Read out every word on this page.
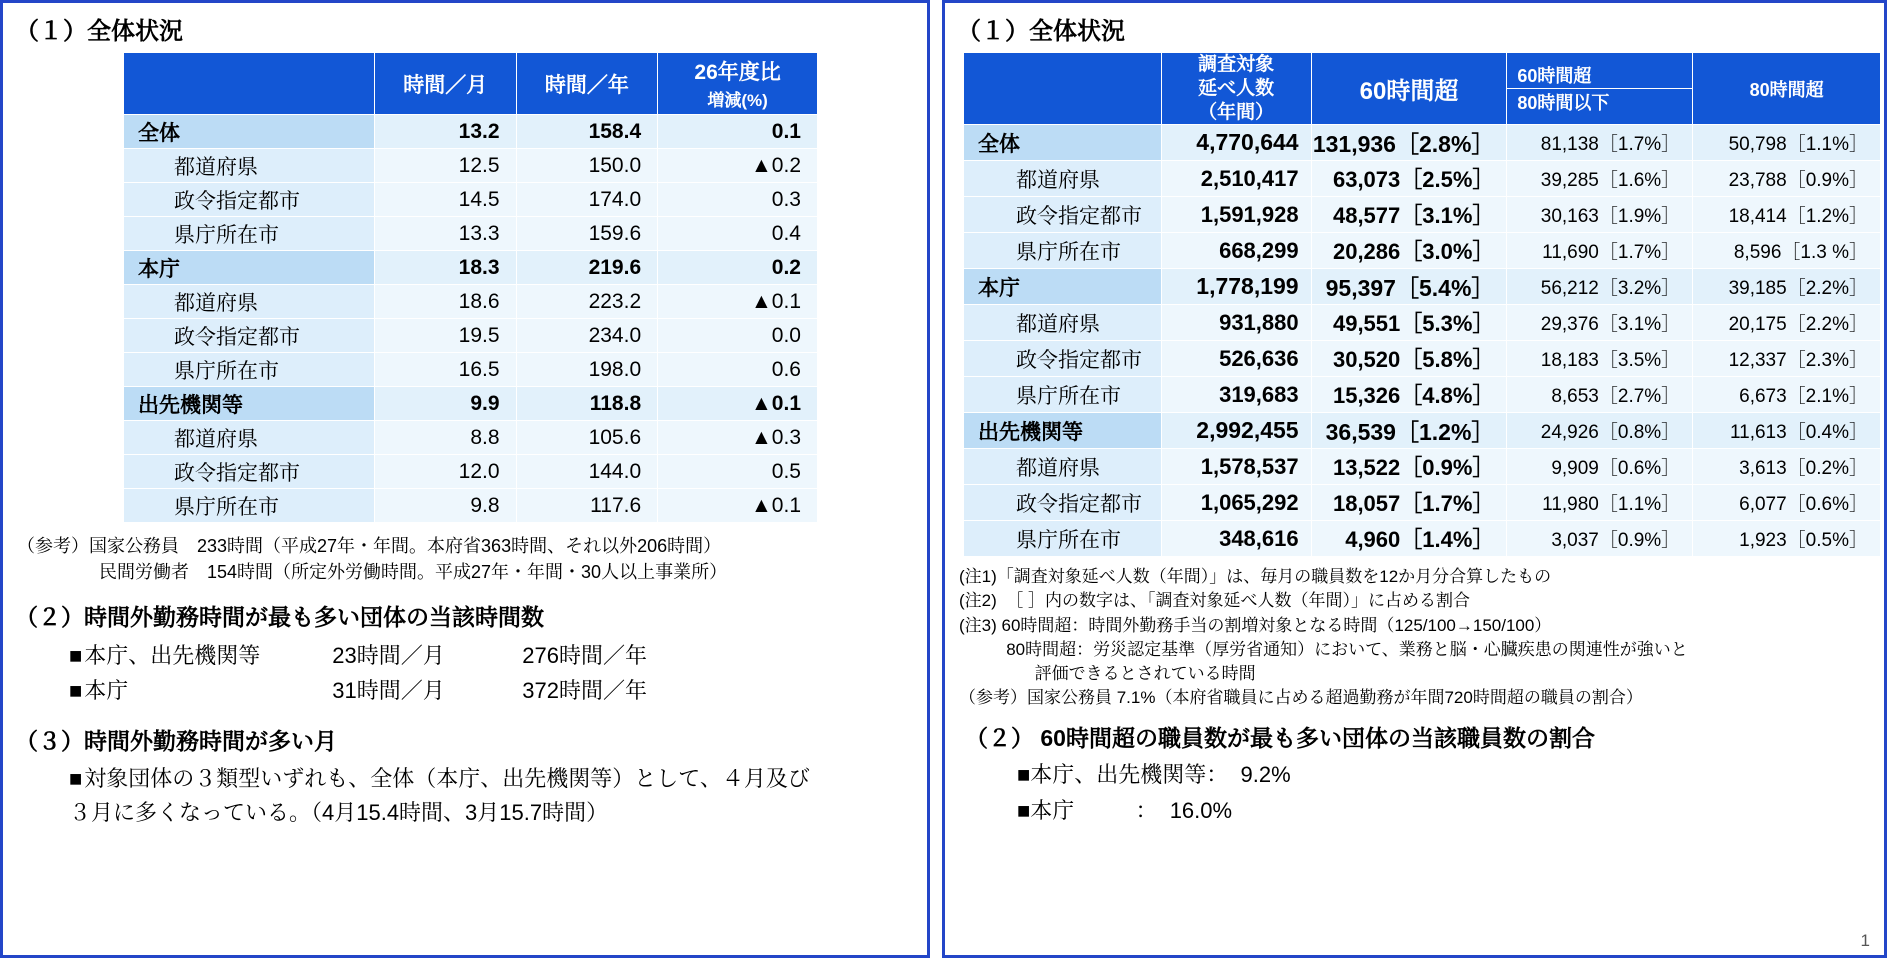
（１）全体状況
	時間／月	時間／年	26年度比
増減(%)

全体	13.2	158.4	0.1
都道府県	12.5	150.0	▲0.2
政令指定都市	14.5	174.0	0.3
県庁所在市	13.3	159.6	0.4
本庁	18.3	219.6	0.2
都道府県	18.6	223.2	▲0.1
政令指定都市	19.5	234.0	0.0
県庁所在市	16.5	198.0	0.6
出先機関等	9.9	118.8	▲0.1
都道府県	8.8	105.6	▲0.3
政令指定都市	12.0	144.0	0.5
県庁所在市	9.8	117.6	▲0.1
（参考）国家公務員　233時間（平成27年・年間。本府省363時間、それ以外206時間）
民間労働者　154時間（所定外労働時間。平成27年・年間・30人以上事業所）
（２）時間外勤務時間が最も多い団体の当該時間数
■ 本庁、出先機関等	23時間／月	276時間／年
■ 本庁	31時間／月	372時間／年
（３）時間外勤務時間が多い月
■対象団体の３類型いずれも、全体（本庁、出先機関等）として、４月及び
３月に多くなっている。（4月15.4時間、3月15.7時間）
（１）全体状況

	調査対象
延べ人数
（年間）	60時間超	60時間超	80時間超
			80時間以下	
全体	4,770,644	131,936［2.8%］	81,138［1.7%］	50,798［1.1%］
都道府県	2,510,417	63,073［2.5%］	39,285［1.6%］	23,788［0.9%］
政令指定都市	1,591,928	48,577［3.1%］	30,163［1.9%］	18,414［1.2%］
県庁所在市	668,299	20,286［3.0%］	11,690［1.7%］	8,596［1.3 %］
本庁	1,778,199	95,397［5.4%］	56,212［3.2%］	39,185［2.2%］
都道府県	931,880	49,551［5.3%］	29,376［3.1%］	20,175［2.2%］
政令指定都市	526,636	30,520［5.8%］	18,183［3.5%］	12,337［2.3%］
県庁所在市	319,683	15,326［4.8%］	8,653［2.7%］	6,673［2.1%］
出先機関等	2,992,455	36,539［1.2%］	24,926［0.8%］	11,613［0.4%］
都道府県	1,578,537	13,522［0.9%］	9,909［0.6%］	3,613［0.2%］
政令指定都市	1,065,292	18,057［1.7%］	11,980［1.1%］	6,077［0.6%］
県庁所在市	348,616	4,960［1.4%］	3,037［0.9%］	1,923［0.5%］
(注1)「調査対象延べ人数（年間）」は、毎月の職員数を12か月分合算したもの
(注2)  ［ ］内の数字は、「調査対象延べ人数（年間）」に占める割合
(注3) 60時間超：時間外勤務手当の割増対象となる時間（125/100→150/100）
80時間超：労災認定基準（厚労省通知）において、業務と脳・心臓疾患の関連性が強いと
評価できるとされている時間
（参考）国家公務員 7.1%（本府省職員に占める超過勤務が年間720時間超の職員の割合）
（２） 60時間超の職員数が最も多い団体の当該職員数の割合
■本庁、出先機関等： 9.2%
■本庁	： 16.0%
1
